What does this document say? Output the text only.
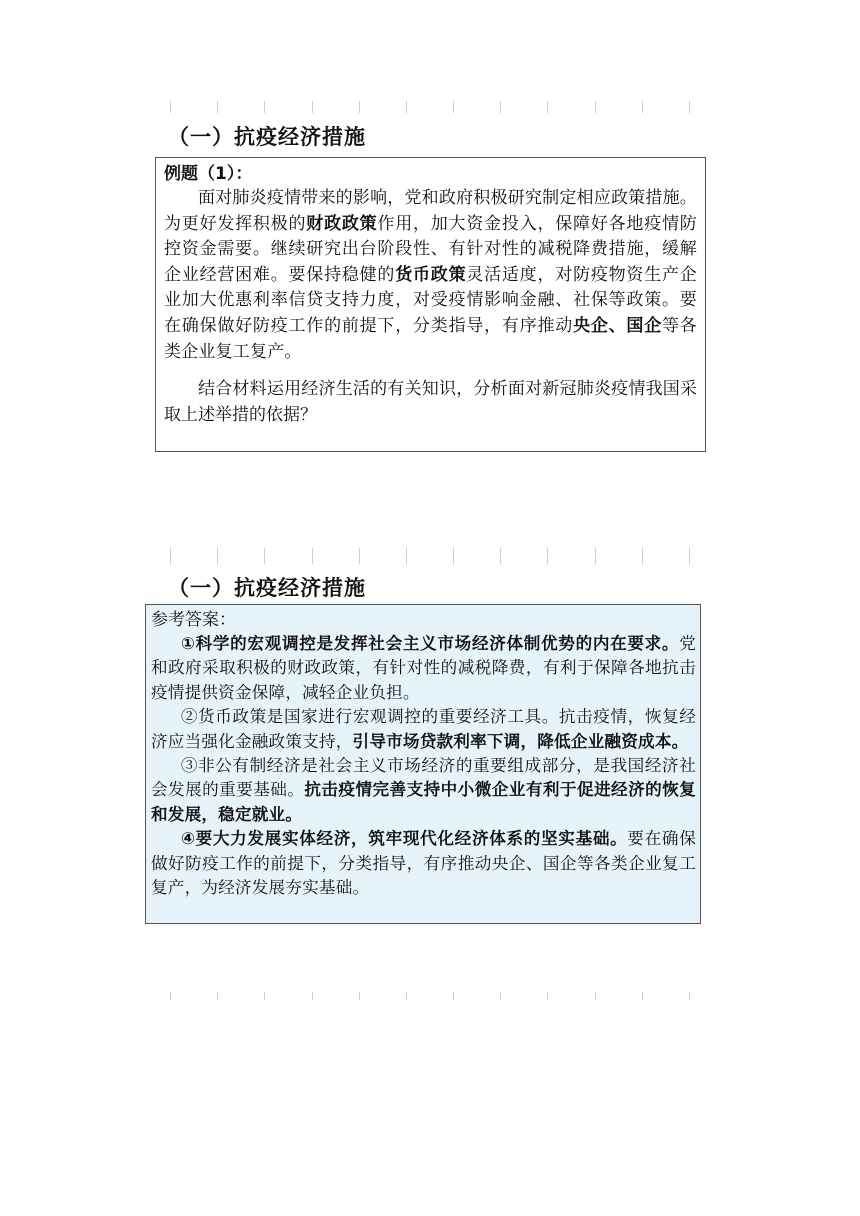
（一）抗疫经济措施
例题（1）：

面对肺炎疫情带来的影响，党和政府积极研究制定相应政策措施。为更好发挥积极的财政政策作用，加大资金投入，保障好各地疫情防控资金需要。继续研究出台阶段性、有针对性的减税降费措施，缓解企业经营困难。要保持稳健的货币政策灵活适度，对防疫物资生产企业加大优惠利率信贷支持力度，对受疫情影响金融、社保等政策。要在确保做好防疫工作的前提下，分类指导，有序推动央企、国企等各类企业复工复产。

结合材料运用经济生活的有关知识，分析面对新冠肺炎疫情我国采取上述举措的依据？

（一）抗疫经济措施
参考答案：

①科学的宏观调控是发挥社会主义市场经济体制优势的内在要求。党和政府采取积极的财政政策，有针对性的减税降费，有利于保障各地抗击疫情提供资金保障，减轻企业负担。

②货币政策是国家进行宏观调控的重要经济工具。抗击疫情，恢复经济应当强化金融政策支持，引导市场贷款利率下调，降低企业融资成本。

③非公有制经济是社会主义市场经济的重要组成部分，是我国经济社会发展的重要基础。抗击疫情完善支持中小微企业有利于促进经济的恢复和发展，稳定就业。

④要大力发展实体经济，筑牢现代化经济体系的坚实基础。要在确保做好防疫工作的前提下，分类指导，有序推动央企、国企等各类企业复工复产，为经济发展夯实基础。
